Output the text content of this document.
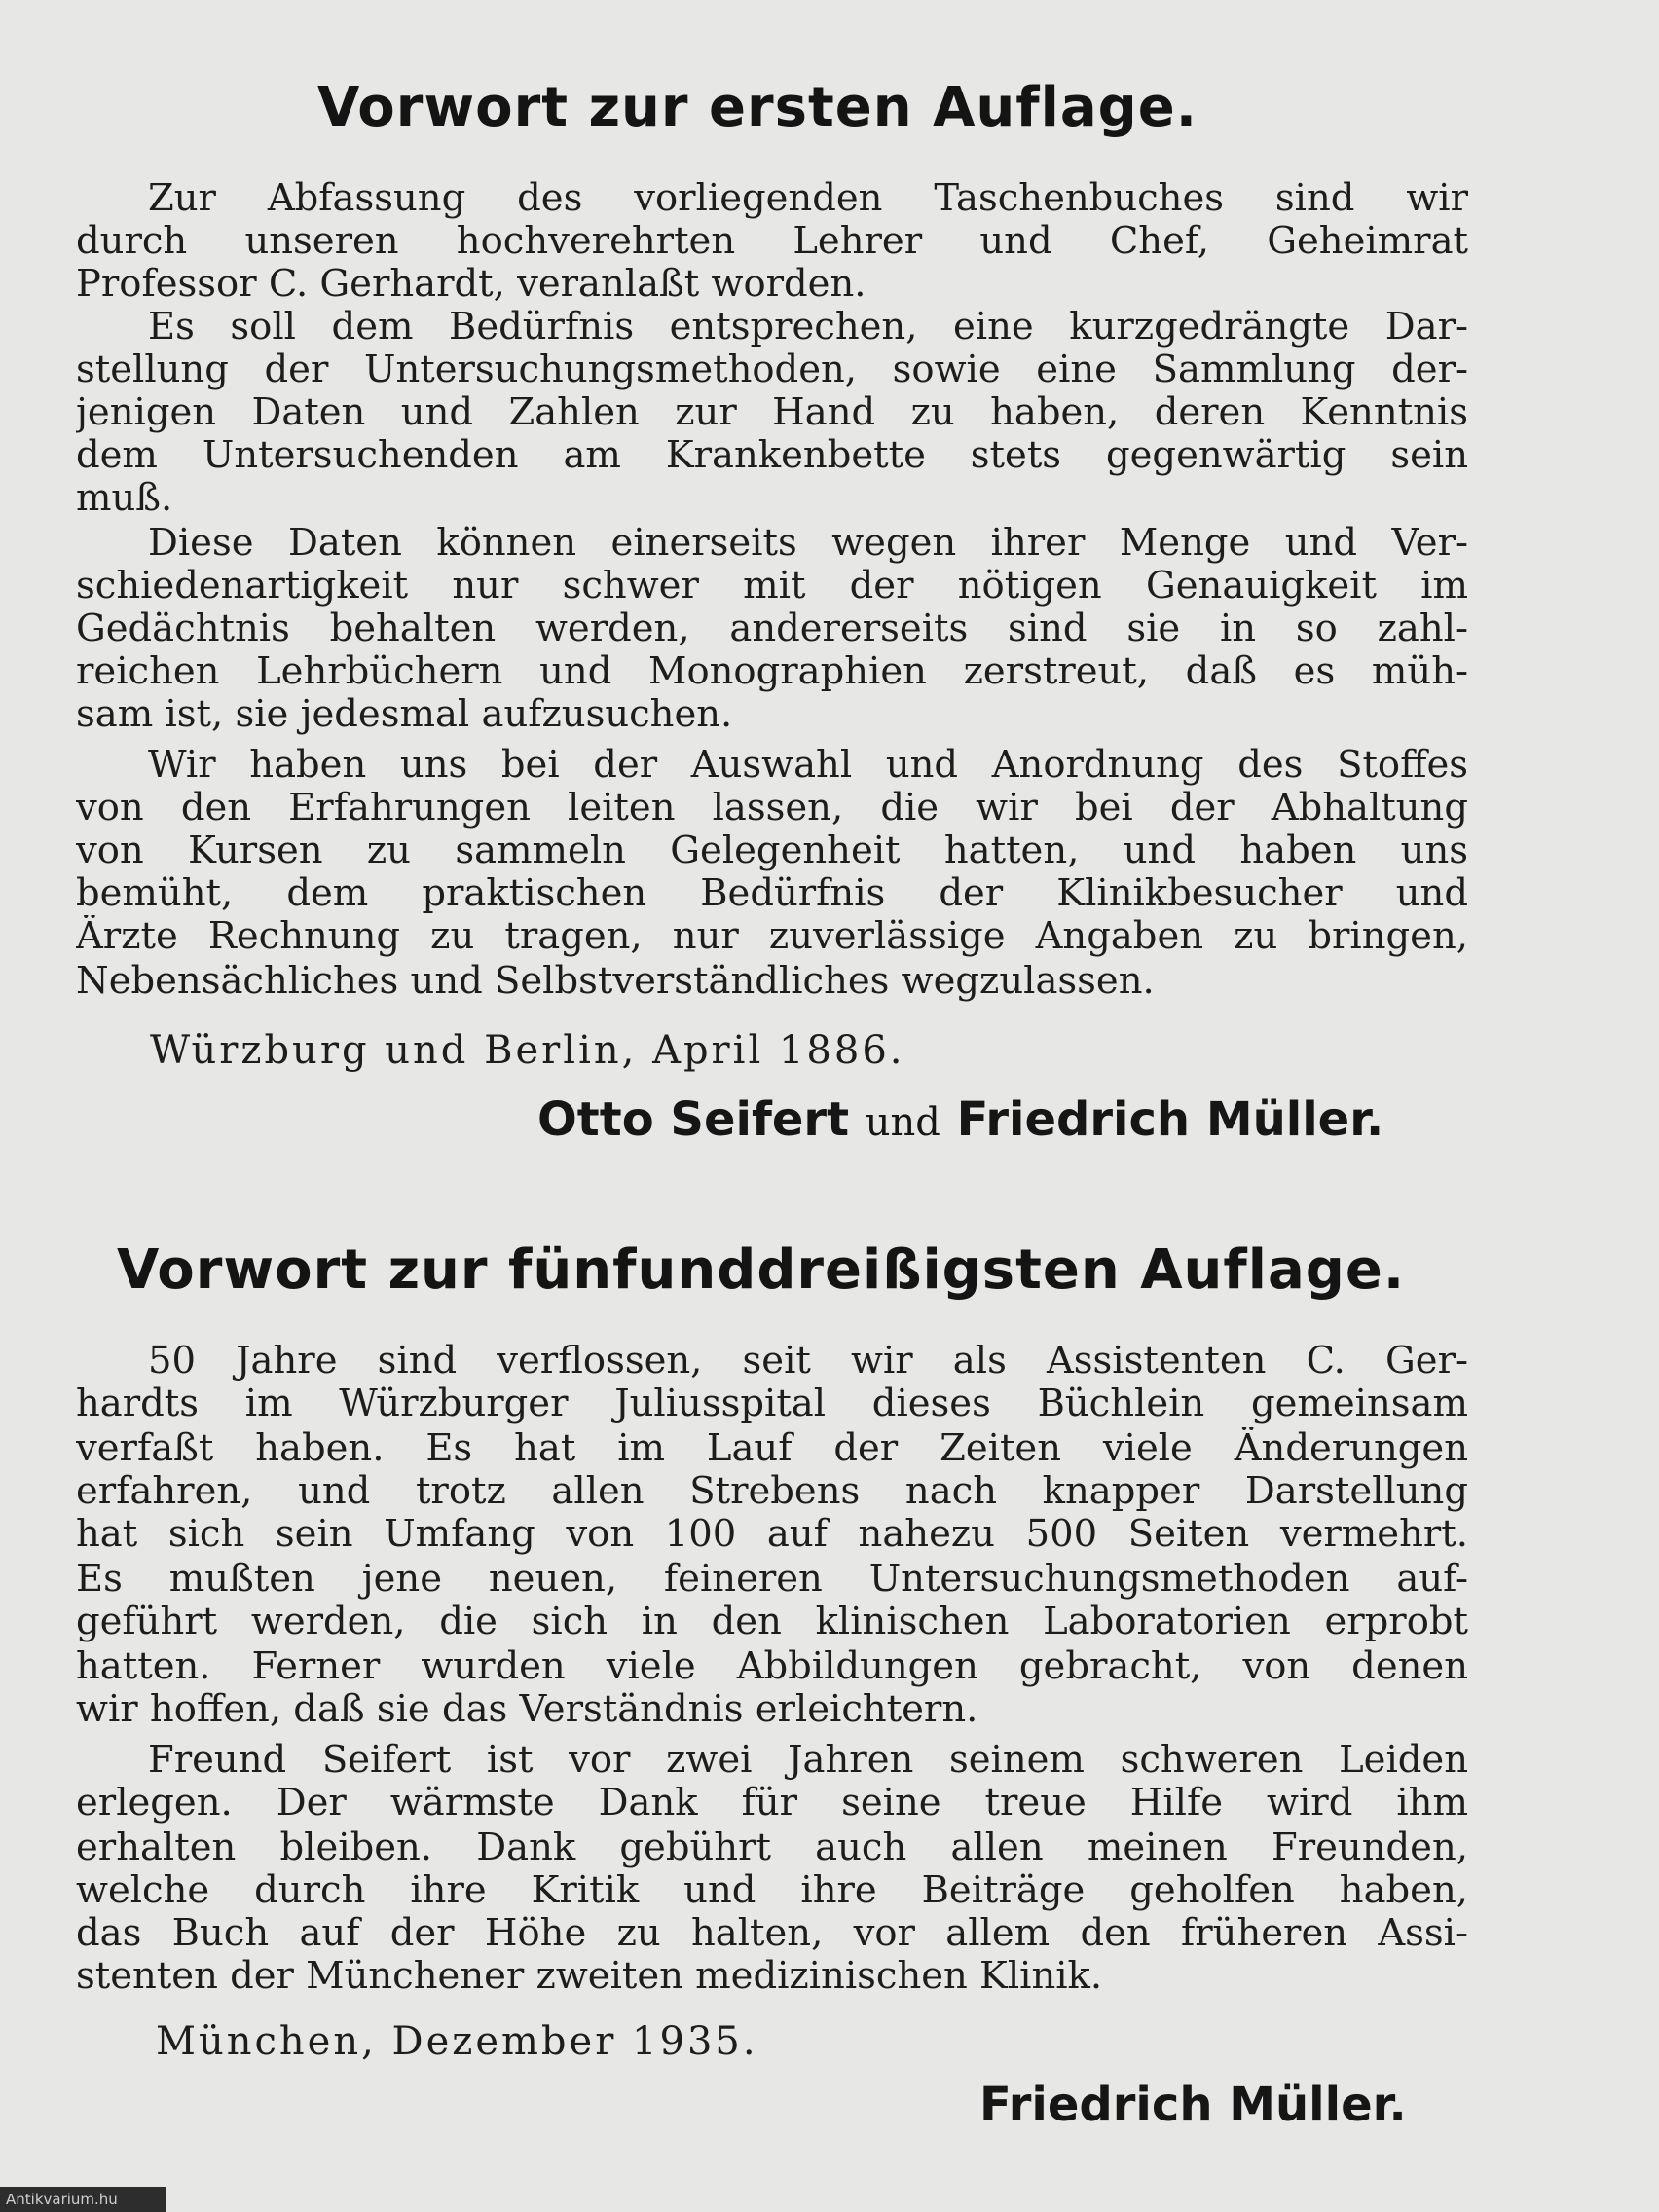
Vorwort zur ersten Auflage.

Zur Abfassung des vorliegenden Taschenbuches sind wir

durch unseren hochverehrten Lehrer und Chef, Geheimrat

Professor C. Gerhardt, veranlaßt worden.

Es soll dem Bedürfnis entsprechen, eine kurzgedrängte Dar-

stellung der Untersuchungsmethoden, sowie eine Sammlung der-

jenigen Daten und Zahlen zur Hand zu haben, deren Kenntnis

dem Untersuchenden am Krankenbette stets gegenwärtig sein

muß.

Diese Daten können einerseits wegen ihrer Menge und Ver-

schiedenartigkeit nur schwer mit der nötigen Genauigkeit im

Gedächtnis behalten werden, andererseits sind sie in so zahl-

reichen Lehrbüchern und Monographien zerstreut, daß es müh-

sam ist, sie jedesmal aufzusuchen.

Wir haben uns bei der Auswahl und Anordnung des Stoffes

von den Erfahrungen leiten lassen, die wir bei der Abhaltung

von Kursen zu sammeln Gelegenheit hatten, und haben uns

bemüht, dem praktischen Bedürfnis der Klinikbesucher und

Ärzte Rechnung zu tragen, nur zuverlässige Angaben zu bringen,

Nebensächliches und Selbstverständliches wegzulassen.

Würzburg und Berlin, April 1886.

Otto Seifert und Friedrich Müller.

Vorwort zur fünfunddreißigsten Auflage.

50 Jahre sind verflossen, seit wir als Assistenten C. Ger-

hardts im Würzburger Juliusspital dieses Büchlein gemeinsam

verfaßt haben. Es hat im Lauf der Zeiten viele Änderungen

erfahren, und trotz allen Strebens nach knapper Darstellung

hat sich sein Umfang von 100 auf nahezu 500 Seiten vermehrt.

Es mußten jene neuen, feineren Untersuchungsmethoden auf-

geführt werden, die sich in den klinischen Laboratorien erprobt

hatten. Ferner wurden viele Abbildungen gebracht, von denen

wir hoffen, daß sie das Verständnis erleichtern.

Freund Seifert ist vor zwei Jahren seinem schweren Leiden

erlegen. Der wärmste Dank für seine treue Hilfe wird ihm

erhalten bleiben. Dank gebührt auch allen meinen Freunden,

welche durch ihre Kritik und ihre Beiträge geholfen haben,

das Buch auf der Höhe zu halten, vor allem den früheren Assi-

stenten der Münchener zweiten medizinischen Klinik.

München, Dezember 1935.

Friedrich Müller.

Antikvarium.hu
